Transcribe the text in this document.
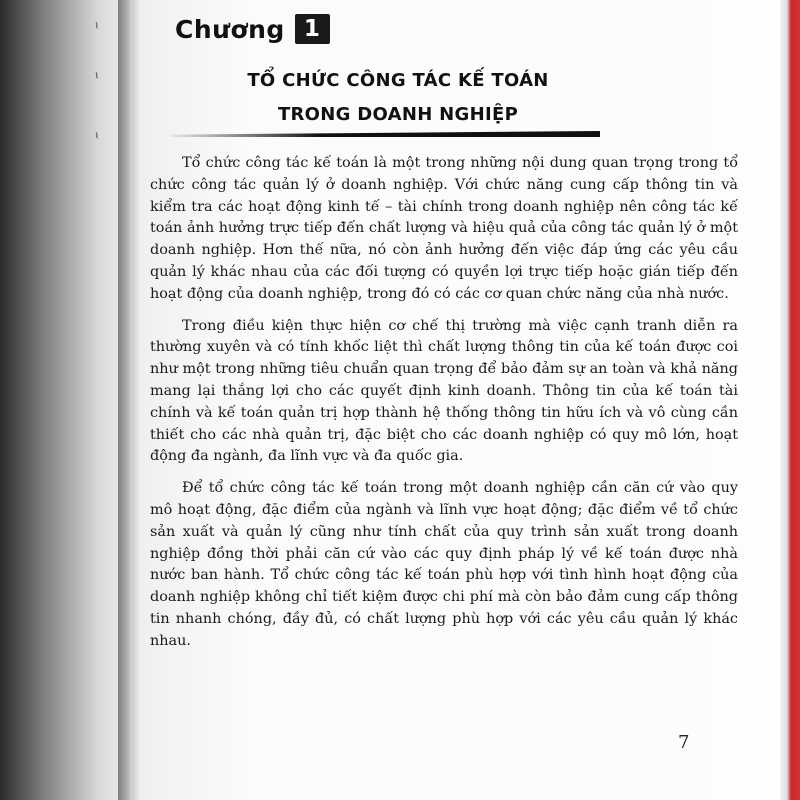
~
~
~
Chương 1
TỔ CHỨC CÔNG TÁC KẾ TOÁN
TRONG DOANH NGHIỆP

Tổ chức công tác kế toán là một trong những nội dung quan trọng trong tổ chức công tác quản lý ở doanh nghiệp. Với chức năng cung cấp thông tin và kiểm tra các hoạt động kinh tế – tài chính trong doanh nghiệp nên công tác kế toán ảnh hưởng trực tiếp đến chất lượng và hiệu quả của công tác quản lý ở một doanh nghiệp. Hơn thế nữa, nó còn ảnh hưởng đến việc đáp ứng các yêu cầu quản lý khác nhau của các đối tượng có quyền lợi trực tiếp hoặc gián tiếp đến hoạt động của doanh nghiệp, trong đó có các cơ quan chức năng của nhà nước.

Trong điều kiện thực hiện cơ chế thị trường mà việc cạnh tranh diễn ra thường xuyên và có tính khốc liệt thì chất lượng thông tin của kế toán được coi như một trong những tiêu chuẩn quan trọng để bảo đảm sự an toàn và khả năng mang lại thắng lợi cho các quyết định kinh doanh. Thông tin của kế toán tài chính và kế toán quản trị hợp thành hệ thống thông tin hữu ích và vô cùng cần thiết cho các nhà quản trị, đặc biệt cho các doanh nghiệp có quy mô lớn, hoạt động đa ngành, đa lĩnh vực và đa quốc gia.

Để tổ chức công tác kế toán trong một doanh nghiệp cần căn cứ vào quy mô hoạt động, đặc điểm của ngành và lĩnh vực hoạt động; đặc điểm về tổ chức sản xuất và quản lý cũng như tính chất của quy trình sản xuất trong doanh nghiệp đồng thời phải căn cứ vào các quy định pháp lý về kế toán được nhà nước ban hành. Tổ chức công tác kế toán phù hợp với tình hình hoạt động của doanh nghiệp không chỉ tiết kiệm được chi phí mà còn bảo đảm cung cấp thông tin nhanh chóng, đầy đủ, có chất lượng phù hợp với các yêu cầu quản lý khác nhau.

7
